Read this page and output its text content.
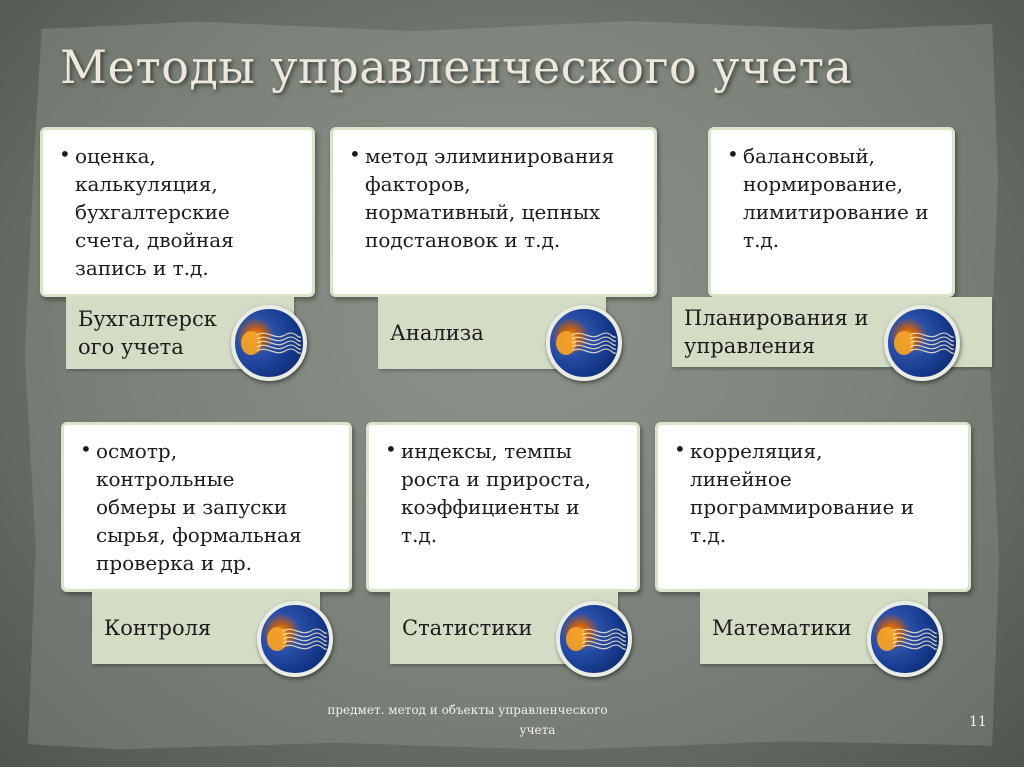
Методы управленческого учета
• оценка,
калькуляция,
бухгалтерские
счета, двойная
запись и т.д.
Бухгалтерск
ого учета
• метод элиминирования
факторов,
нормативный, цепных
подстановок и т.д.
Анализа
• балансовый,
нормирование,
лимитирование и
т.д.
Планирования и
управления
• осмотр,
контрольные
обмеры и запуски
сырья, формальная
проверка и др.
Контроля
• индексы, темпы
роста и прироста,
коэффициенты и
т.д.
Статистики
• корреляция,
линейное
программирование и
т.д.
Математики
предмет. метод и объекты управленческого
учета	11
